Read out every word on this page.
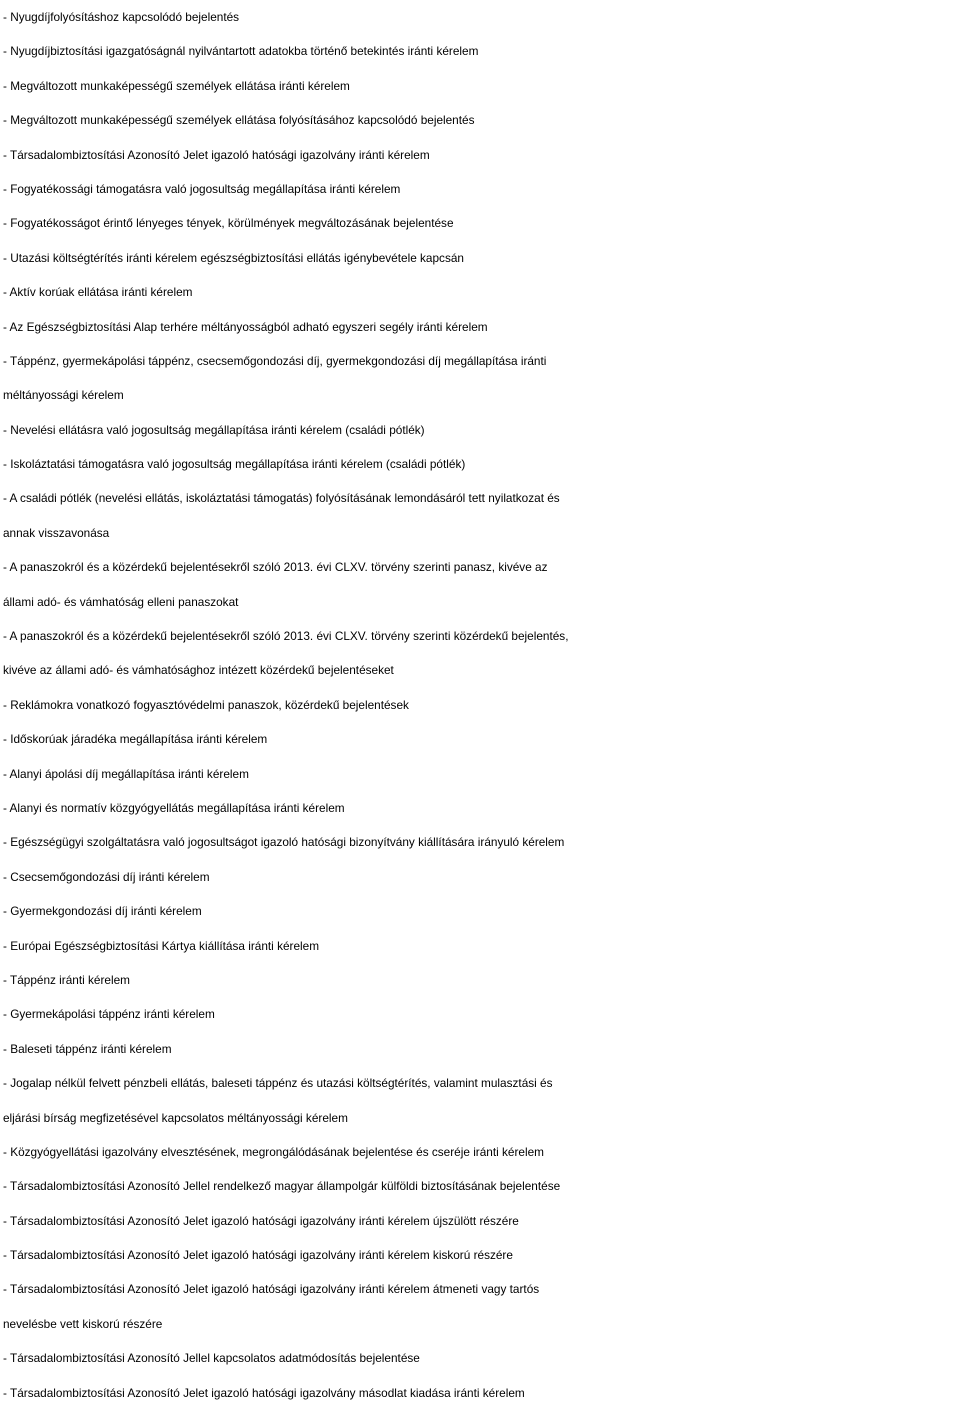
- Nyugdíjfolyósításhoz kapcsolódó bejelentés
- Nyugdíjbiztosítási igazgatóságnál nyilvántartott adatokba történő betekintés iránti kérelem
- Megváltozott munkaképességű személyek ellátása iránti kérelem
- Megváltozott munkaképességű személyek ellátása folyósításához kapcsolódó bejelentés
- Társadalombiztosítási Azonosító Jelet igazoló hatósági igazolvány iránti kérelem
- Fogyatékossági támogatásra való jogosultság megállapítása iránti kérelem
- Fogyatékosságot érintő lényeges tények, körülmények megváltozásának bejelentése
- Utazási költségtérítés iránti kérelem egészségbiztosítási ellátás igénybevétele kapcsán
- Aktív korúak ellátása iránti kérelem
- Az Egészségbiztosítási Alap terhére méltányosságból adható egyszeri segély iránti kérelem
- Táppénz, gyermekápolási táppénz, csecsemőgondozási díj, gyermekgondozási díj megállapítása iránti
méltányossági kérelem
- Nevelési ellátásra való jogosultság megállapítása iránti kérelem (családi pótlék)
- Iskoláztatási támogatásra való jogosultság megállapítása iránti kérelem (családi pótlék)
- A családi pótlék (nevelési ellátás, iskoláztatási támogatás) folyósításának lemondásáról tett nyilatkozat és
annak visszavonása
- A panaszokról és a közérdekű bejelentésekről szóló 2013. évi CLXV. törvény szerinti panasz, kivéve az
állami adó- és vámhatóság elleni panaszokat
- A panaszokról és a közérdekű bejelentésekről szóló 2013. évi CLXV. törvény szerinti közérdekű bejelentés,
kivéve az állami adó- és vámhatósághoz intézett közérdekű bejelentéseket
- Reklámokra vonatkozó fogyasztóvédelmi panaszok, közérdekű bejelentések
- Időskorúak járadéka megállapítása iránti kérelem
- Alanyi ápolási díj megállapítása iránti kérelem
- Alanyi és normatív közgyógyellátás megállapítása iránti kérelem
- Egészségügyi szolgáltatásra való jogosultságot igazoló hatósági bizonyítvány kiállítására irányuló kérelem
- Csecsemőgondozási díj iránti kérelem
- Gyermekgondozási díj iránti kérelem
- Európai Egészségbiztosítási Kártya kiállítása iránti kérelem
- Táppénz iránti kérelem
- Gyermekápolási táppénz iránti kérelem
- Baleseti táppénz iránti kérelem
- Jogalap nélkül felvett pénzbeli ellátás, baleseti táppénz és utazási költségtérítés, valamint mulasztási és
eljárási bírság megfizetésével kapcsolatos méltányossági kérelem
- Közgyógyellátási igazolvány elvesztésének, megrongálódásának bejelentése és cseréje iránti kérelem
- Társadalombiztosítási Azonosító Jellel rendelkező magyar állampolgár külföldi biztosításának bejelentése
- Társadalombiztosítási Azonosító Jelet igazoló hatósági igazolvány iránti kérelem újszülött részére
- Társadalombiztosítási Azonosító Jelet igazoló hatósági igazolvány iránti kérelem kiskorú részére
- Társadalombiztosítási Azonosító Jelet igazoló hatósági igazolvány iránti kérelem átmeneti vagy tartós
nevelésbe vett kiskorú részére
- Társadalombiztosítási Azonosító Jellel kapcsolatos adatmódosítás bejelentése
- Társadalombiztosítási Azonosító Jelet igazoló hatósági igazolvány másodlat kiadása iránti kérelem
